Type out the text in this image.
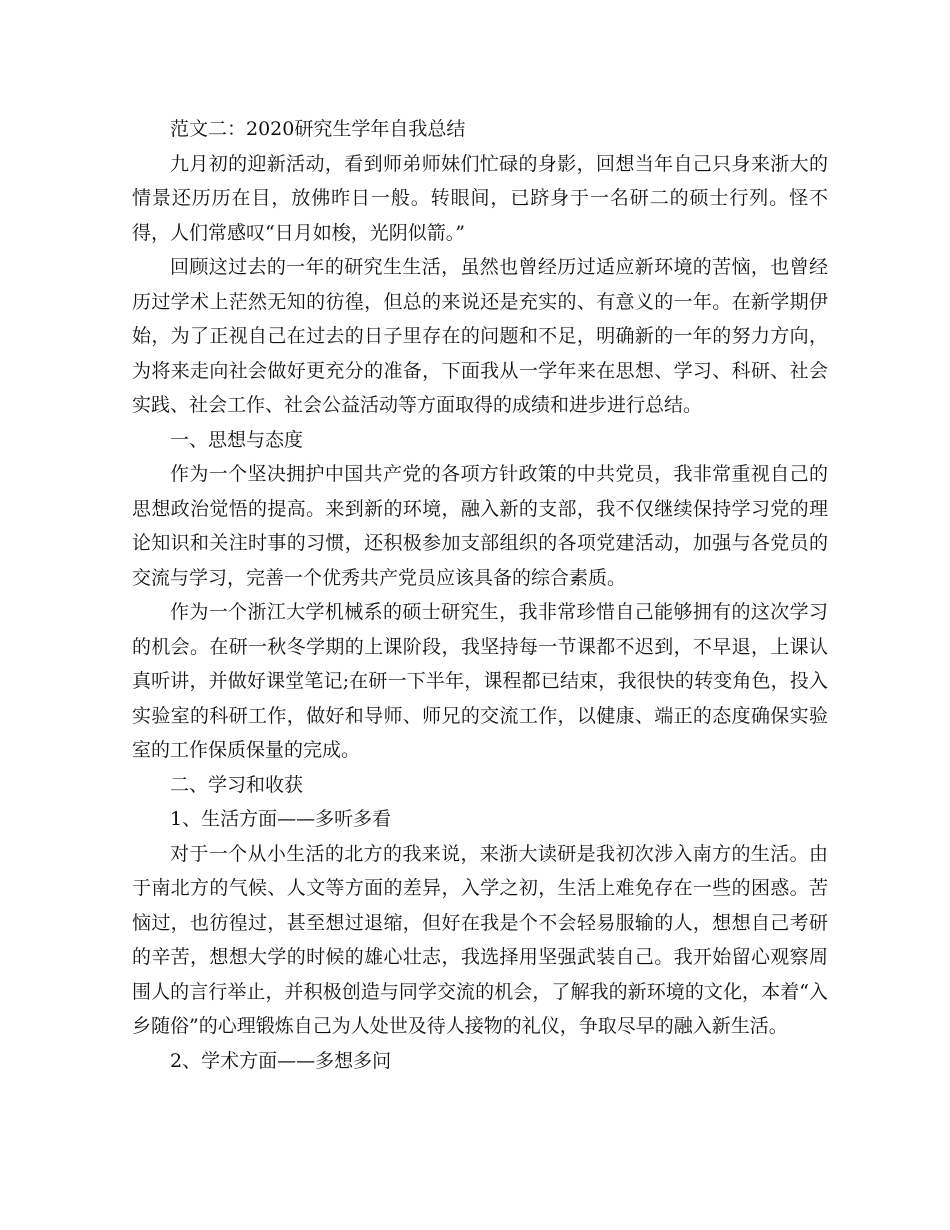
范文二：2020研究生学年自我总结

九月初的迎新活动，看到师弟师妹们忙碌的身影，回想当年自己只身来浙大的情景还历历在目，放佛昨日一般。转眼间，已跻身于一名研二的硕士行列。怪不得，人们常感叹“日月如梭，光阴似箭。”

回顾这过去的一年的研究生生活，虽然也曾经历过适应新环境的苦恼，也曾经历过学术上茫然无知的彷徨，但总的来说还是充实的、有意义的一年。在新学期伊始，为了正视自己在过去的日子里存在的问题和不足，明确新的一年的努力方向，为将来走向社会做好更充分的准备，下面我从一学年来在思想、学习、科研、社会实践、社会工作、社会公益活动等方面取得的成绩和进步进行总结。

一、思想与态度

作为一个坚决拥护中国共产党的各项方针政策的中共党员，我非常重视自己的思想政治觉悟的提高。来到新的环境，融入新的支部，我不仅继续保持学习党的理论知识和关注时事的习惯，还积极参加支部组织的各项党建活动，加强与各党员的交流与学习，完善一个优秀共产党员应该具备的综合素质。

作为一个浙江大学机械系的硕士研究生，我非常珍惜自己能够拥有的这次学习的机会。在研一秋冬学期的上课阶段，我坚持每一节课都不迟到，不早退，上课认真听讲，并做好课堂笔记;在研一下半年，课程都已结束，我很快的转变角色，投入实验室的科研工作，做好和导师、师兄的交流工作，以健康、端正的态度确保实验室的工作保质保量的完成。

二、学习和收获

1、生活方面——多听多看

对于一个从小生活的北方的我来说，来浙大读研是我初次涉入南方的生活。由于南北方的气候、人文等方面的差异，入学之初，生活上难免存在一些的困惑。苦恼过，也彷徨过，甚至想过退缩，但好在我是个不会轻易服输的人，想想自己考研的辛苦，想想大学的时候的雄心壮志，我选择用坚强武装自己。我开始留心观察周围人的言行举止，并积极创造与同学交流的机会，了解我的新环境的文化，本着“入乡随俗”的心理锻炼自己为人处世及待人接物的礼仪，争取尽早的融入新生活。

2、学术方面——多想多问
